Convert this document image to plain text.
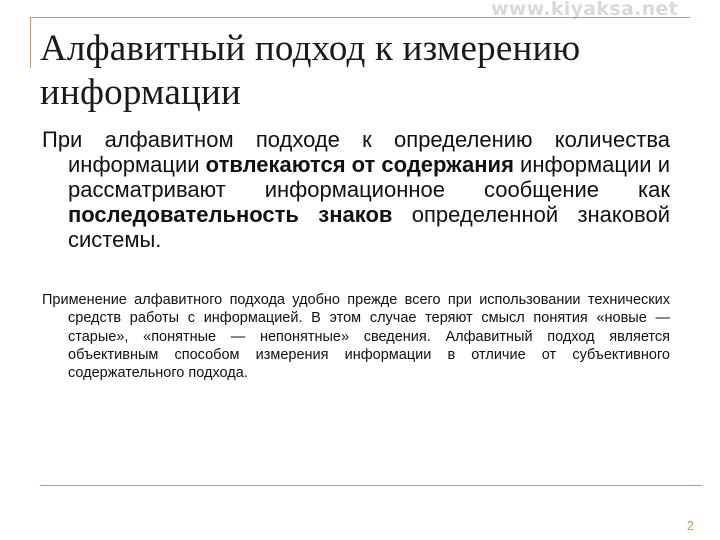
www.kiyaksa.net
Алфавитный подход к измерению информации
При алфавитном подходе к определению количества информации отвлекаются от содержания информации и рассматривают информационное сообщение как последовательность знаков определенной знаковой системы.
Применение алфавитного подхода удобно прежде всего при использовании технических средств работы с информацией. В этом случае теряют смысл понятия «новые — старые», «понятные — непонятные» сведения. Алфавитный подход является объективным способом измерения информации в отличие от субъективного содержательного подхода.
2
